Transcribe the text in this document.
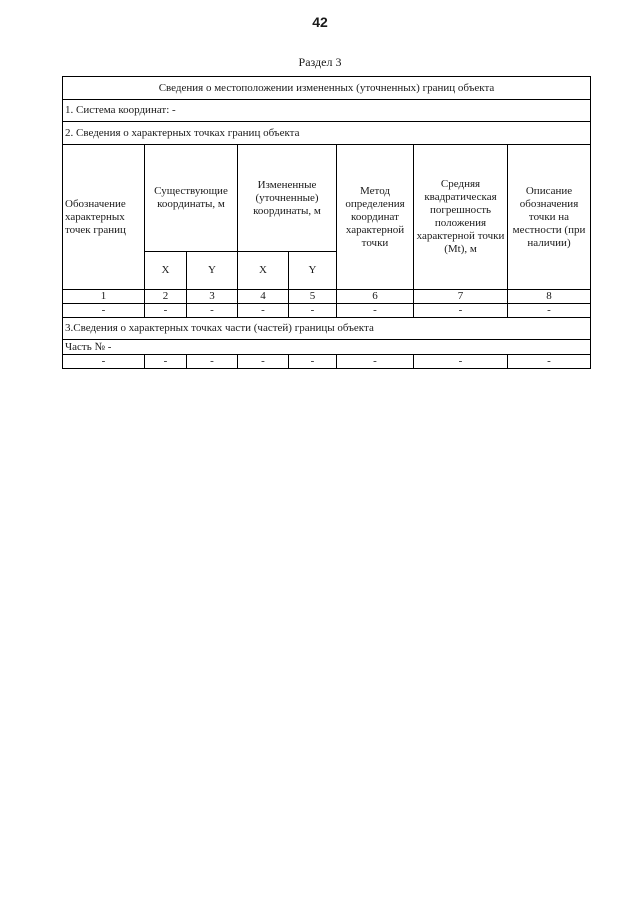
42
Раздел 3
Сведения о местоположении измененных (уточненных) границ объекта							
1. Система координат: -							
2. Сведения о характерных точках границ объекта							
Обозначение характерных точек границ	Существующие координаты, м		Измененные (уточненные) координаты, м		Метод определения координат характерной точки	Средняя квадратическая погрешность положения характерной точки (Mt), м	Описание обозначения точки на местности (при наличии)
	X	Y	X	Y			
1	2	3	4	5	6	7	8
-	-	-	-	-	-	-	-
3.Сведения о характерных точках части (частей) границы объекта							
Часть № -							
-	-	-	-	-	-	-	-
